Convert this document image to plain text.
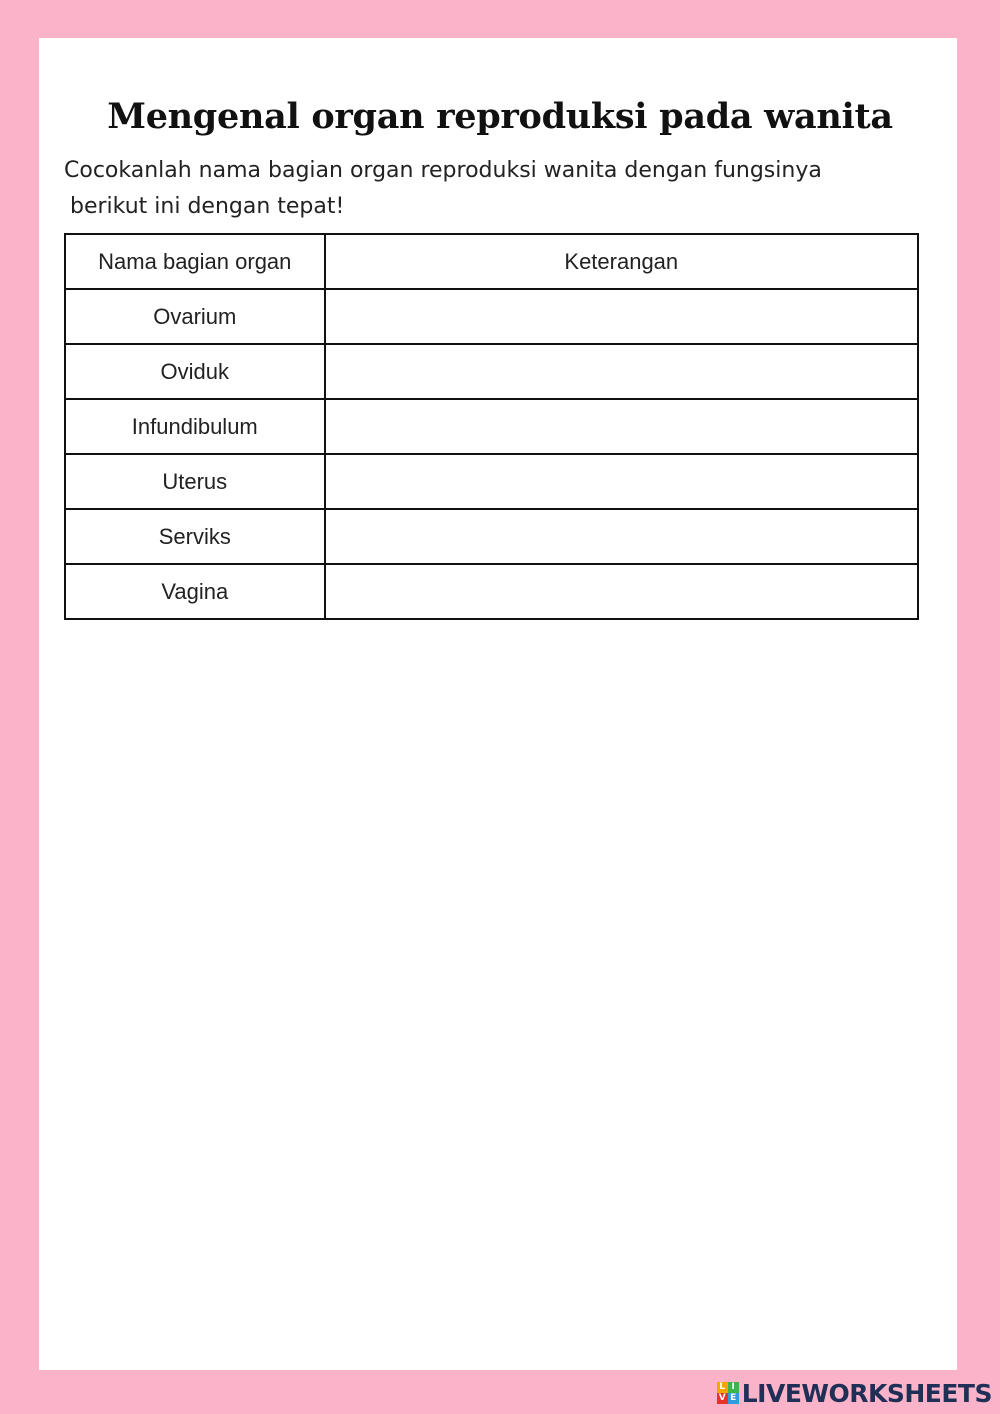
Mengenal organ reproduksi pada wanita

Cocokanlah nama bagian organ reproduksi wanita dengan fungsinya
berikut ini dengan tepat!

Nama bagian organ	Keterangan
Ovarium	
Oviduk	
Infundibulum	
Uterus	
Serviks	
Vagina	
L I
V E LIVEWORKSHEETS
